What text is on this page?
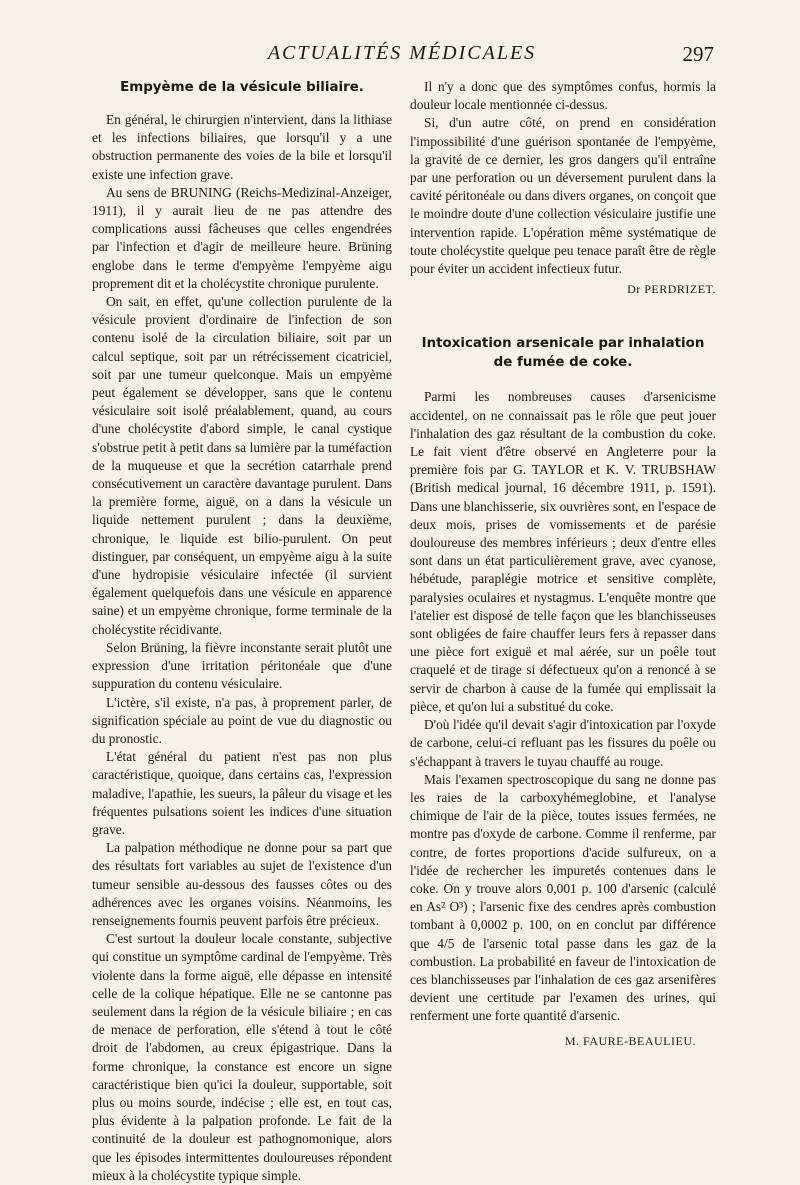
ACTUALITÉS MÉDICALES	297
Empyème de la vésicule biliaire.

En général, le chirurgien n'intervient, dans la lithiase et les infections biliaires, que lorsqu'il y a une obstruction permanente des voies de la bile et lorsqu'il existe une infection grave.

Au sens de BRUNING (Reichs-Medizinal-Anzeiger, 1911), il y aurait lieu de ne pas attendre des complications aussi fâcheuses que celles engendrées par l'infection et d'agir de meilleure heure. Brüning englobe dans le terme d'empyème l'empyème aigu proprement dit et la cholécystite chronique purulente.

On sait, en effet, qu'une collection purulente de la vésicule provient d'ordinaire de l'infection de son contenu isolé de la circulation biliaire, soit par un calcul septique, soit par un rétrécissement cicatriciel, soit par une tumeur quelconque. Mais un empyème peut également se développer, sans que le contenu vésiculaire soit isolé préalablement, quand, au cours d'une cholécystite d'abord simple, le canal cystique s'obstrue petit à petit dans sa lumière par la tuméfaction de la muqueuse et que la secrétion catarrhale prend consécutivement un caractère davantage purulent. Dans la première forme, aiguë, on a dans la vésicule un liquide nettement purulent ; dans la deuxième, chronique, le liquide est bilio-purulent. On peut distinguer, par conséquent, un empyème aigu à la suite d'une hydropisie vésiculaire infectée (il survient également quelquefois dans une vésicule en apparence saine) et un empyème chronique, forme terminale de la cholécystite récidivante.

Selon Brüning, la fièvre inconstante serait plutôt une expression d'une irritation péritonéale que d'une suppuration du contenu vésiculaire.

L'ictère, s'il existe, n'a pas, à proprement parler, de signification spéciale au point de vue du diagnostic ou du pronostic.

L'état général du patient n'est pas non plus caractéristique, quoique, dans certains cas, l'expression maladive, l'apathie, les sueurs, la pâleur du visage et les fréquentes pulsations soient les indices d'une situation grave.

La palpation méthodique ne donne pour sa part que des résultats fort variables au sujet de l'existence d'un tumeur sensible au-dessous des fausses côtes ou des adhérences avec les organes voisins. Néanmoins, les renseignements fournis peuvent parfois être précieux.

C'est surtout la douleur locale constante, subjective qui constitue un symptôme cardinal de l'empyème. Très violente dans la forme aiguë, elle dépasse en intensité celle de la colique hépatique. Elle ne se cantonne pas seulement dans la région de la vésicule biliaire ; en cas de menace de perforation, elle s'étend à tout le côté droit de l'abdomen, au creux épigastrique. Dans la forme chronique, la constance est encore un signe caractéristique bien qu'ici la douleur, supportable, soit plus ou moins sourde, indécise ; elle est, en tout cas, plus évidente à la palpation profonde. Le fait de la continuité de la douleur est pathognomonique, alors que les épisodes intermittentes douloureuses répondent mieux à la cholécystite typique simple.

Il n'y a donc que des symptômes confus, hormis la douleur locale mentionnée ci-dessus.

Si, d'un autre côté, on prend en considération l'impossibilité d'une guérison spontanée de l'empyème, la gravité de ce dernier, les gros dangers qu'il entraîne par une perforation ou un déversement purulent dans la cavité péritonéale ou dans divers organes, on conçoit que le moindre doute d'une collection vésiculaire justifie une intervention rapide. L'opération même systématique de toute cholécystite quelque peu tenace paraît être de règle pour éviter un accident infectieux futur.

Dr PERDRIZET.
Intoxication arsenicale par inhalation de fumée de coke.

Parmi les nombreuses causes d'arsenicisme accidentel, on ne connaissait pas le rôle que peut jouer l'inhalation des gaz résultant de la combustion du coke. Le fait vient d'être observé en Angleterre pour la première fois par G. TAYLOR et K. V. TRUBSHAW (British medical journal, 16 décembre 1911, p. 1591). Dans une blanchisserie, six ouvrières sont, en l'espace de deux mois, prises de vomissements et de parésie douloureuse des membres inférieurs ; deux d'entre elles sont dans un état particulièrement grave, avec cyanose, hébétude, paraplégie motrice et sensitive complète, paralysies oculaires et nystagmus. L'enquête montre que l'atelier est disposé de telle façon que les blanchisseuses sont obligées de faire chauffer leurs fers à repasser dans une pièce fort exiguë et mal aérée, sur un poêle tout craquelé et de tirage si défectueux qu'on a renoncé à se servir de charbon à cause de la fumée qui emplissait la pièce, et qu'on lui a substitué du coke.

D'où l'idée qu'il devait s'agir d'intoxication par l'oxyde de carbone, celui-ci refluant pas les fissures du poêle ou s'échappant à travers le tuyau chauffé au rouge.

Mais l'examen spectroscopique du sang ne donne pas les raies de la carboxyhémeglobine, et l'analyse chimique de l'air de la pièce, toutes issues fermées, ne montre pas d'oxyde de carbone. Comme il renferme, par contre, de fortes proportions d'acide sulfureux, on a l'idée de rechercher les impuretés contenues dans le coke. On y trouve alors 0,001 p. 100 d'arsenic (calculé en As² O³) ; l'arsenic fixe des cendres après combustion tombant à 0,0002 p. 100, on en conclut par différence que 4/5 de l'arsenic total passe dans les gaz de la combustion. La probabilité en faveur de l'intoxication de ces blanchisseuses par l'inhalation de ces gaz arsenifères devient une certitude par l'examen des urines, qui renferment une forte quantité d'arsenic.

M. FAURE-BEAULIEU.
